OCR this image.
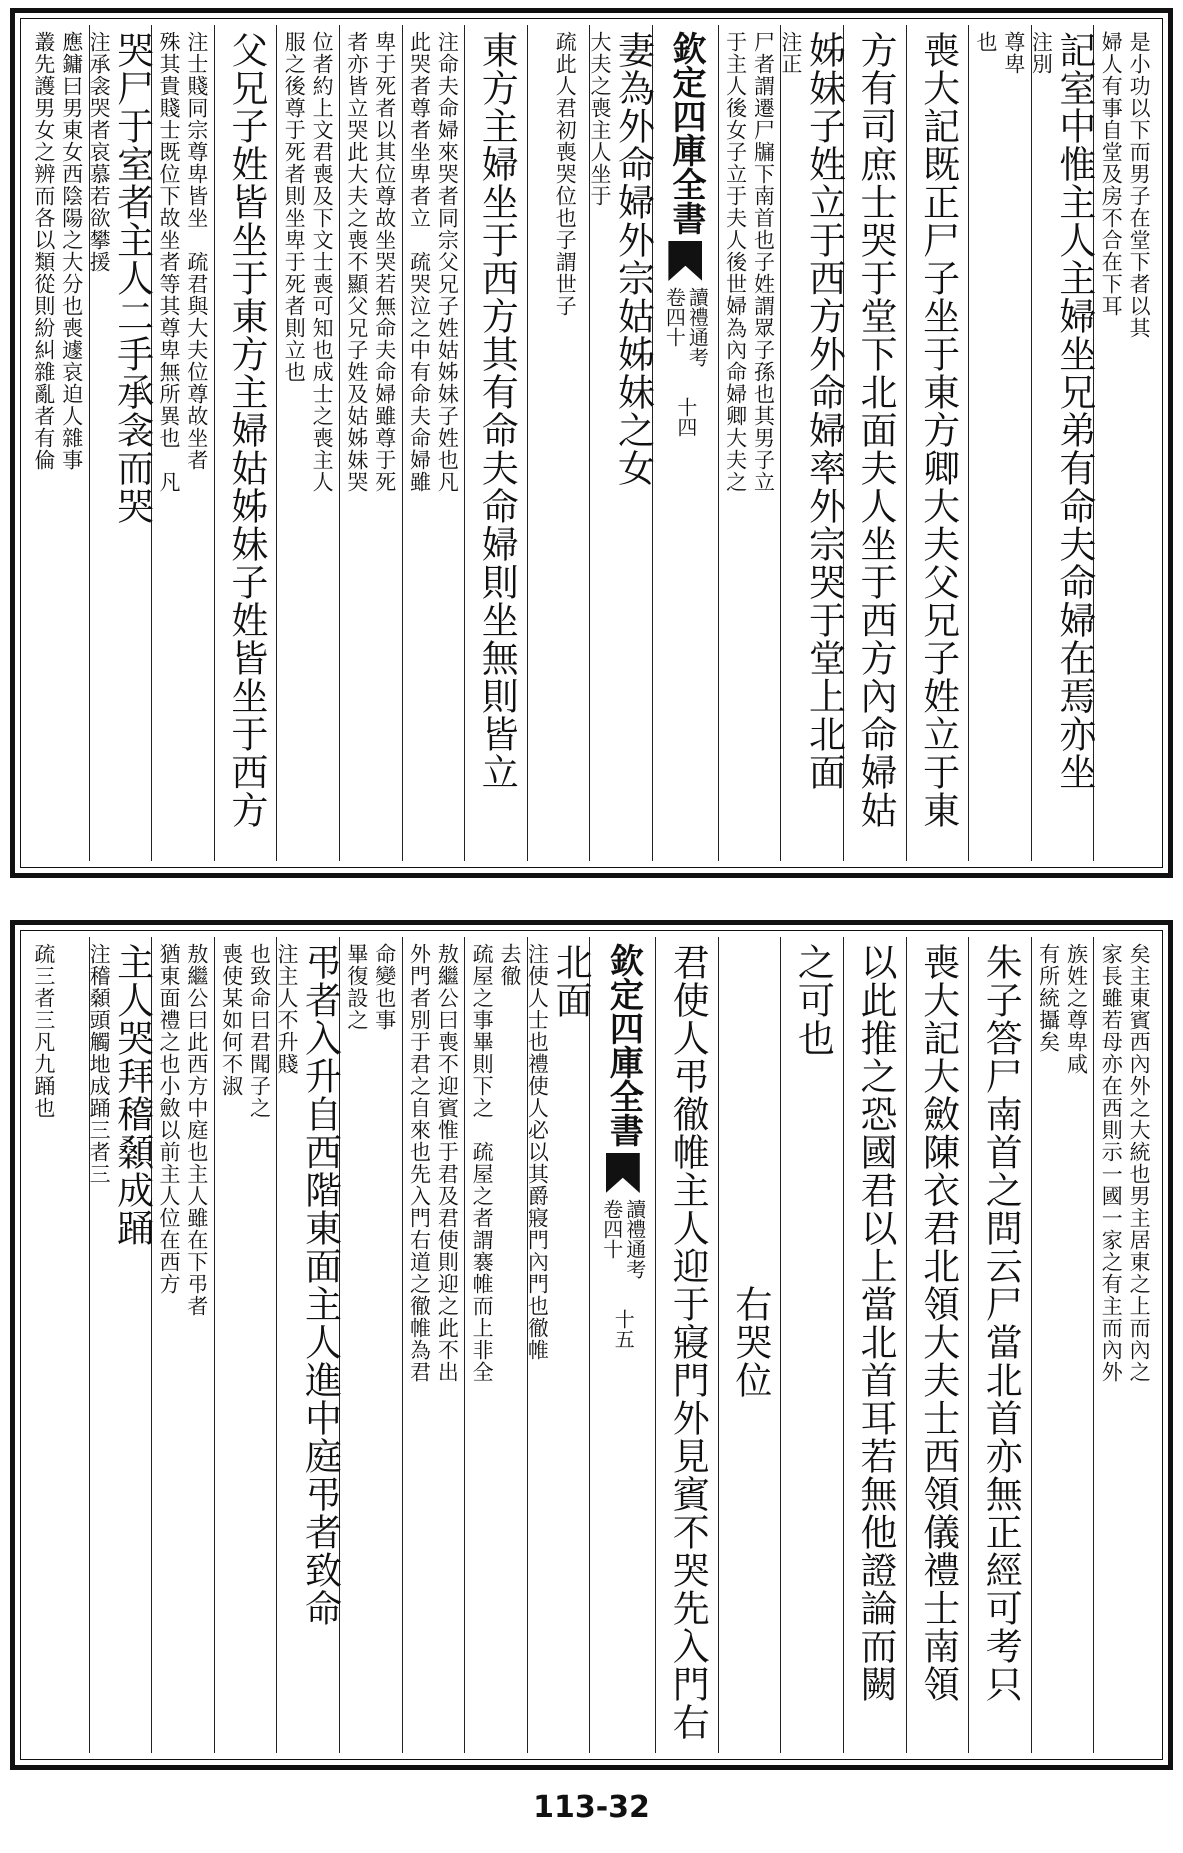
是小功以下而男子在堂下者以其
婦人有事自堂及房不合在下耳
記室中惟主人主婦坐兄弟有命夫命婦在焉亦坐
注別
尊卑
也
喪大記既正尸子坐于東方卿大夫父兄子姓立于東
方有司庶士哭于堂下北面夫人坐于西方內命婦姑
姊妹子姓立于西方外命婦率外宗哭于堂上北面
注正
尸者謂遷尸牖下南首也子姓謂眾子孫也其男子立
于主人後女子立于夫人後世婦為內命婦卿大夫之
欽定四庫全書
讀禮通考
卷四十
十四
妻為外命婦外宗姑姊妹之女
大夫之喪主人坐于
疏此人君初喪哭位也子謂世子
東方主婦坐于西方其有命夫命婦則坐無則皆立
注命夫命婦來哭者同宗父兄子姓姑姊妹子姓也凡
此哭者尊者坐卑者立　疏哭泣之中有命夫命婦雖
卑于死者以其位尊故坐哭若無命夫命婦雖尊于死
者亦皆立哭此大夫之喪不顯父兄子姓及姑姊妹哭
位者約上文君喪及下文士喪可知也成士之喪主人
服之後尊于死者則坐卑于死者則立也
父兄子姓皆坐于東方主婦姑姊妹子姓皆坐于西方
注士賤同宗尊卑皆坐　疏君與大夫位尊故坐者
殊其貴賤士既位下故坐者等其尊卑無所異也　凡
哭尸于室者主人二手承衾而哭
注承衾哭者哀慕若欲攀援
應鏞曰男東女西陰陽之大分也喪遽哀迫人雜事
叢先護男女之辨而各以類從則紛糾雜亂者有倫
矣主東賓西內外之大統也男主居東之上而內之
家長雖若母亦在西則示一國一家之有主而內外
族姓之尊卑咸
有所統攝矣
朱子答尸南首之問云尸當北首亦無正經可考只
喪大記大斂陳衣君北領大夫士西領儀禮士南領
以此推之恐國君以上當北首耳若無他證論而闕
之可也
　　　　　　　　　右哭位
君使人弔徹帷主人迎于寢門外見賓不哭先入門右
欽定四庫全書
讀禮通考
卷四十
十五
北面
注使人士也禮使人必以其爵寢門內門也徹帷
去徹
疏屋之事畢則下之　疏屋之者謂褰帷而上非全
敖繼公曰喪不迎賓惟于君及君使則迎之此不出
外門者別于君之自來也先入門右道之徹帷為君
命變也事
畢復設之
弔者入升自西階東面主人進中庭弔者致命
注主人不升賤
也致命曰君聞子之
喪使某如何不淑
敖繼公曰此西方中庭也主人雖在下弔者
猶東面禮之也小斂以前主人位在西方
主人哭拜稽顙成踊
注稽顙頭觸地成踊三者三

疏三者三凡九踊也
113-32
